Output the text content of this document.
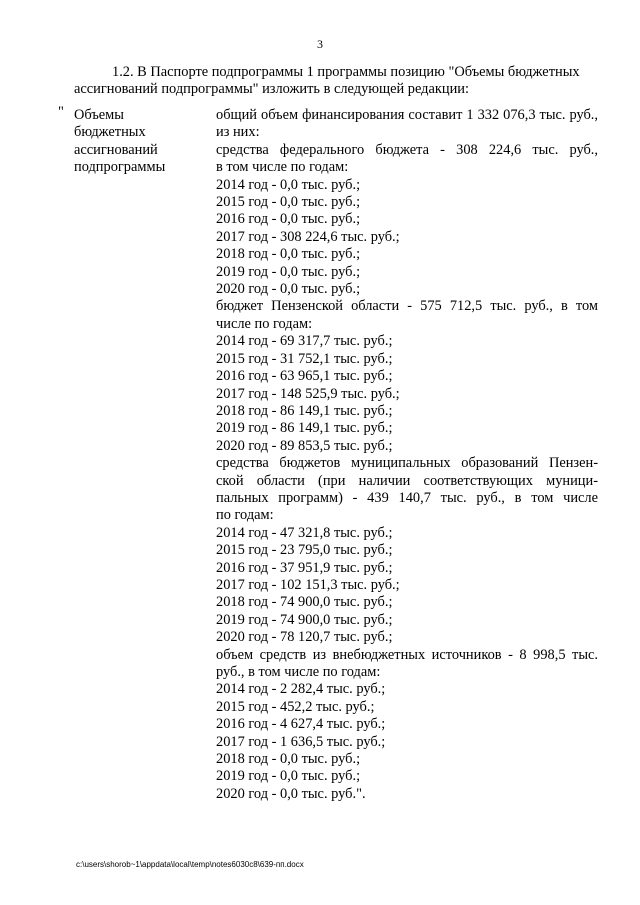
3
1.2. В Паспорте подпрограммы 1 программы позицию "Объемы бюджетных
ассигнований подпрограммы" изложить в следующей редакции:
" Объемы
бюджетных
ассигнований
подпрограммы
общий объем финансирования составит 1 332 076,3 тыс. руб.,
из них:
средства федерального бюджета - 308 224,6 тыс. руб.,
в том числе по годам:
2014 год - 0,0 тыс. руб.;
2015 год - 0,0 тыс. руб.;
2016 год - 0,0 тыс. руб.;
2017 год - 308 224,6 тыс. руб.;
2018 год - 0,0 тыс. руб.;
2019 год - 0,0 тыс. руб.;
2020 год - 0,0 тыс. руб.;
бюджет Пензенской области - 575 712,5 тыс. руб., в том
числе по годам:
2014 год - 69 317,7 тыс. руб.;
2015 год - 31 752,1 тыс. руб.;
2016 год - 63 965,1 тыс. руб.;
2017 год - 148 525,9 тыс. руб.;
2018 год - 86 149,1 тыс. руб.;
2019 год - 86 149,1 тыс. руб.;
2020 год - 89 853,5 тыс. руб.;
средства бюджетов муниципальных образований Пензен-
ской области (при наличии соответствующих муници-
пальных программ) - 439 140,7 тыс. руб., в том числе
по годам:
2014 год - 47 321,8 тыс. руб.;
2015 год - 23 795,0 тыс. руб.;
2016 год - 37 951,9 тыс. руб.;
2017 год - 102 151,3 тыс. руб.;
2018 год - 74 900,0 тыс. руб.;
2019 год - 74 900,0 тыс. руб.;
2020 год - 78 120,7 тыс. руб.;
объем средств из внебюджетных источников - 8 998,5 тыс.
руб., в том числе по годам:
2014 год - 2 282,4 тыс. руб.;
2015 год - 452,2 тыс. руб.;
2016 год - 4 627,4 тыс. руб.;
2017 год - 1 636,5 тыс. руб.;
2018 год - 0,0 тыс. руб.;
2019 год - 0,0 тыс. руб.;
2020 год - 0,0 тыс. руб.".
c:\users\shorob~1\appdata\local\temp\notes6030c8\639-пп.docx
